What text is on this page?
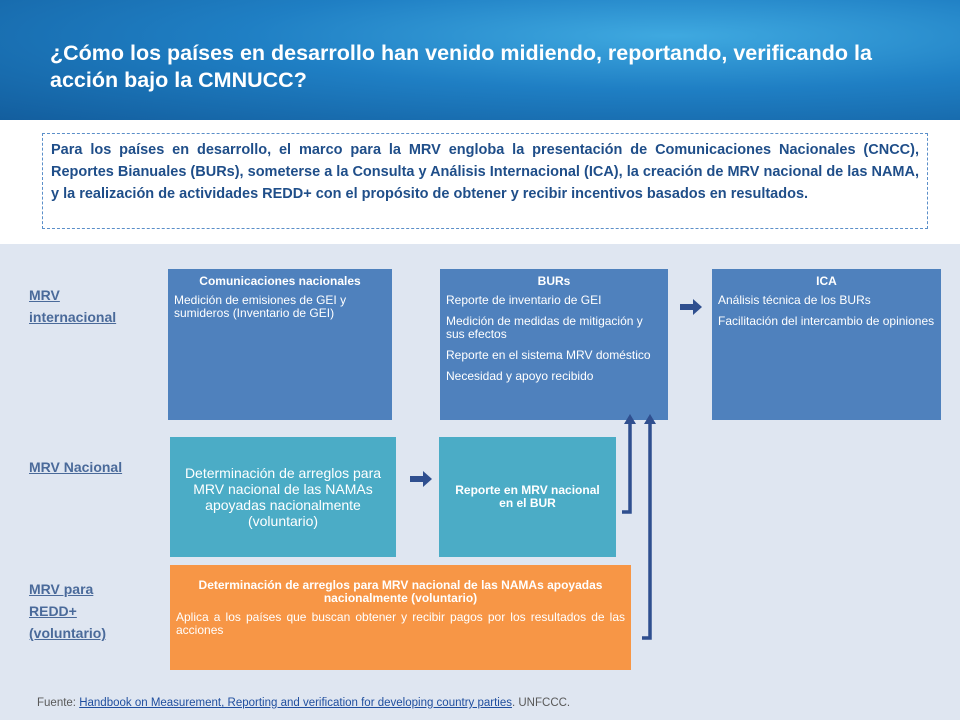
¿Cómo los países en desarrollo han venido midiendo, reportando, verificando la acción bajo la CMNUCC?
Para los países en desarrollo, el marco para la MRV engloba la presentación de Comunicaciones Nacionales (CNCC), Reportes Bianuales (BURs), someterse a la Consulta y Análisis Internacional (ICA), la creación de MRV nacional de las NAMA, y la realización de actividades REDD+ con el propósito de obtener y recibir incentivos basados en resultados.
MRV internacional
MRV Nacional
MRV para REDD+ (voluntario)
Comunicaciones nacionales
Medición de emisiones de GEI y sumideros (Inventario de GEI)
BURs
Reporte de inventario de GEI
Medición de medidas de mitigación y sus efectos
Reporte en el sistema MRV doméstico
Necesidad y apoyo recibido
ICA
Análisis técnica de los BURs
Facilitación del intercambio de opiniones
Determinación de arreglos para MRV nacional de las NAMAs apoyadas nacionalmente (voluntario)
Reporte en MRV nacional en el BUR
Determinación de arreglos para MRV nacional de las NAMAs apoyadas nacionalmente (voluntario)
Aplica a los países que buscan obtener y recibir pagos por los resultados de las acciones
Fuente: Handbook on Measurement, Reporting and verification for developing country parties. UNFCCC.
